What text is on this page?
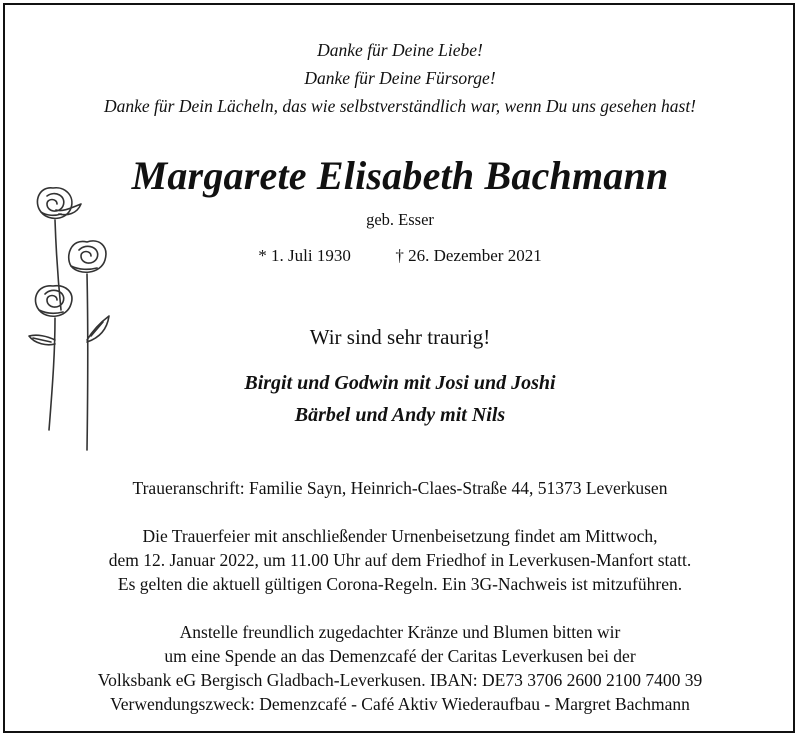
Danke für Deine Liebe!
Danke für Deine Fürsorge!
Danke für Dein Lächeln, das wie selbstverständlich war, wenn Du uns gesehen hast!
Margarete Elisabeth Bachmann
geb. Esser
* 1. Juli 1930	† 26. Dezember 2021
Wir sind sehr traurig!
Birgit und Godwin mit Josi und Joshi
Bärbel und Andy mit Nils
Traueranschrift: Familie Sayn, Heinrich-Claes-Straße 44, 51373 Leverkusen
Die Trauerfeier mit anschließender Urnenbeisetzung findet am Mittwoch,
dem 12. Januar 2022, um 11.00 Uhr auf dem Friedhof in Leverkusen-Manfort statt.
Es gelten die aktuell gültigen Corona-Regeln. Ein 3G-Nachweis ist mitzuführen.
Anstelle freundlich zugedachter Kränze und Blumen bitten wir
um eine Spende an das Demenzcafé der Caritas Leverkusen bei der
Volksbank eG Bergisch Gladbach-Leverkusen. IBAN: DE73 3706 2600 2100 7400 39
Verwendungszweck: Demenzcafé - Café Aktiv Wiederaufbau - Margret Bachmann
